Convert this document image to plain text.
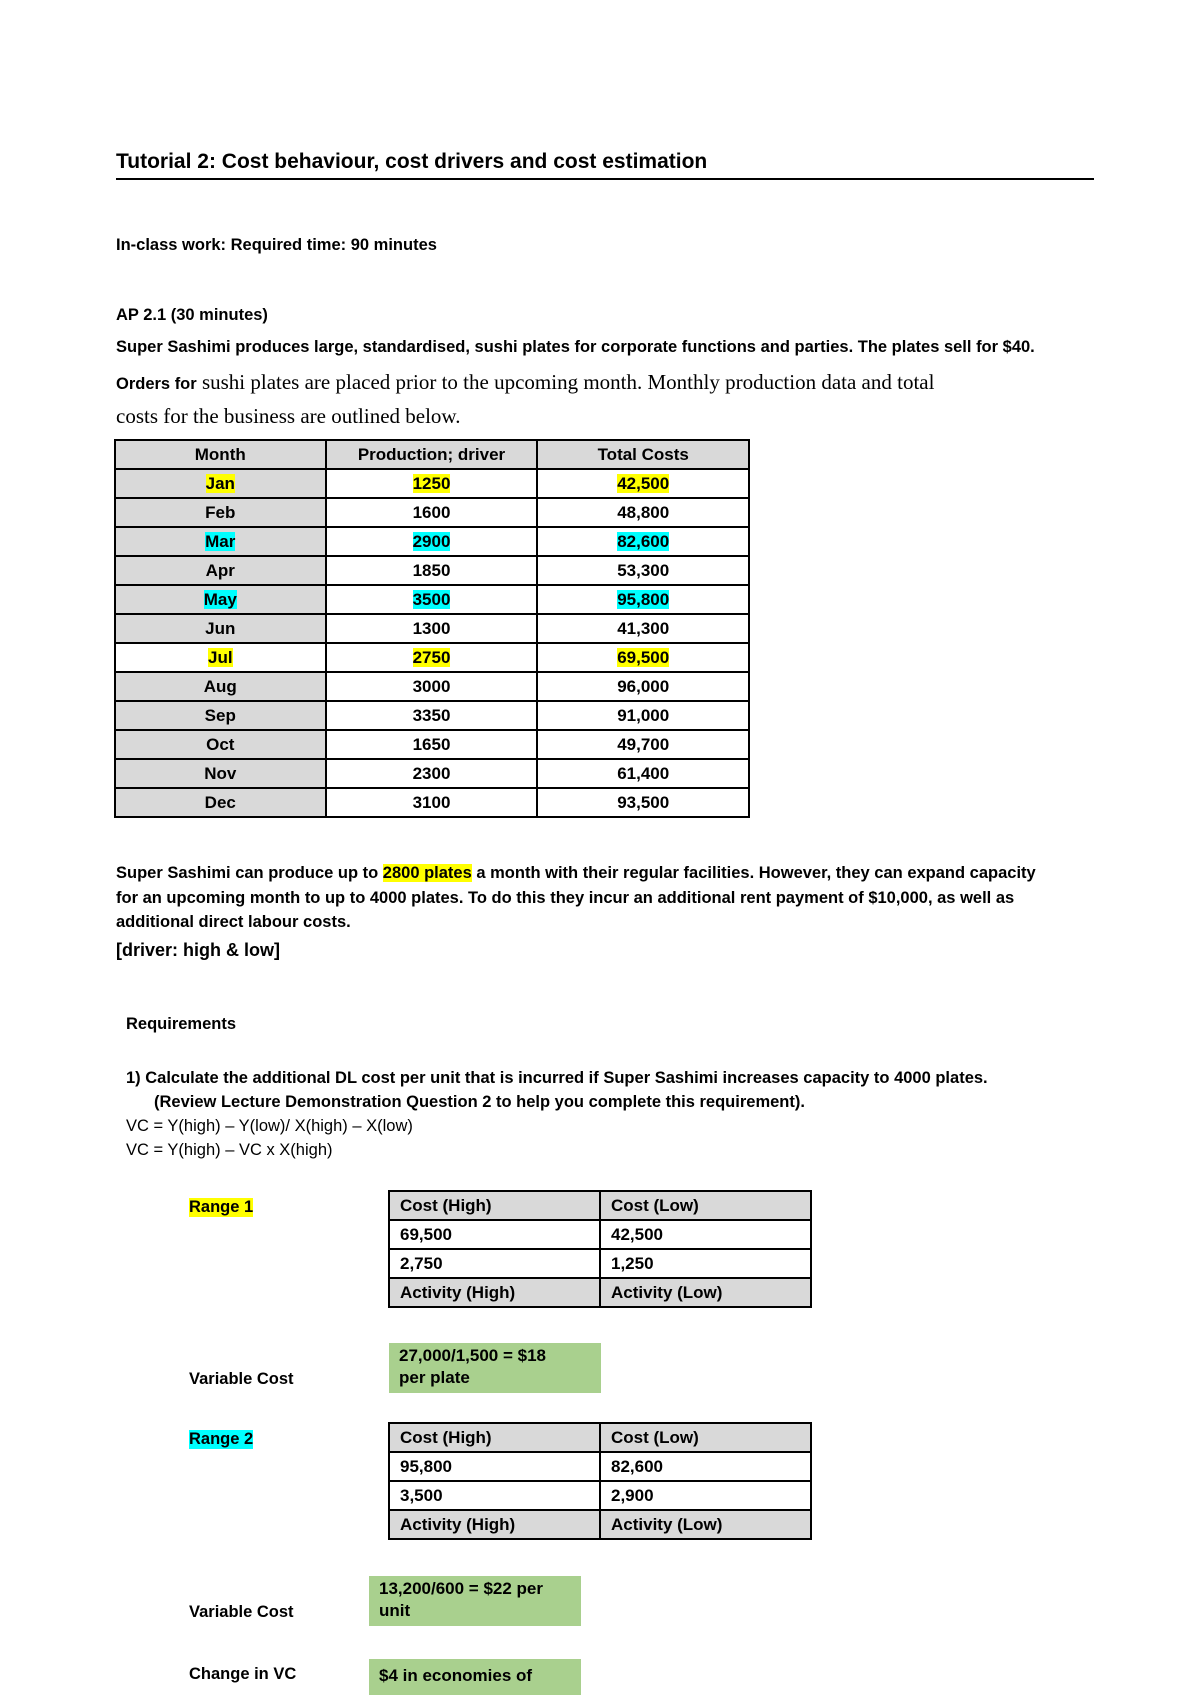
Tutorial 2: Cost behaviour, cost drivers and cost estimation
In-class work: Required time: 90 minutes
AP 2.1 (30 minutes)
Super Sashimi produces large, standardised, sushi plates for corporate functions and parties. The plates sell for $40.
Orders for sushi plates are placed prior to the upcoming month. Monthly production data and total
costs for the business are outlined below.
Month	Production; driver	Total Costs
Jan	1250	42,500
Feb	1600	48,800
Mar	2900	82,600
Apr	1850	53,300
May	3500	95,800
Jun	1300	41,300
Jul	2750	69,500
Aug	3000	96,000
Sep	3350	91,000
Oct	1650	49,700
Nov	2300	61,400
Dec	3100	93,500
Super Sashimi can produce up to 2800 plates a month with their regular facilities. However, they can expand capacity
for an upcoming month to up to 4000 plates. To do this they incur an additional rent payment of $10,000, as well as
additional direct labour costs.
[driver: high & low]
Requirements
1) Calculate the additional DL cost per unit that is incurred if Super Sashimi increases capacity to 4000 plates.
(Review Lecture Demonstration Question 2 to help you complete this requirement).
VC = Y(high) – Y(low)/ X(high) – X(low)
VC = Y(high) – VC x X(high)
Range 1	Cost (High)	Cost (Low)
69,500	42,500
2,750	1,250
Activity (High)	Activity (Low)
27,000/1,500 = $18
per plate
Variable Cost
Range 2	Cost (High)	Cost (Low)
95,800	82,600
3,500	2,900
Activity (High)	Activity (Low)
13,200/600 = $22 per
unit
Variable Cost
Change in VC	$4 in economies of
